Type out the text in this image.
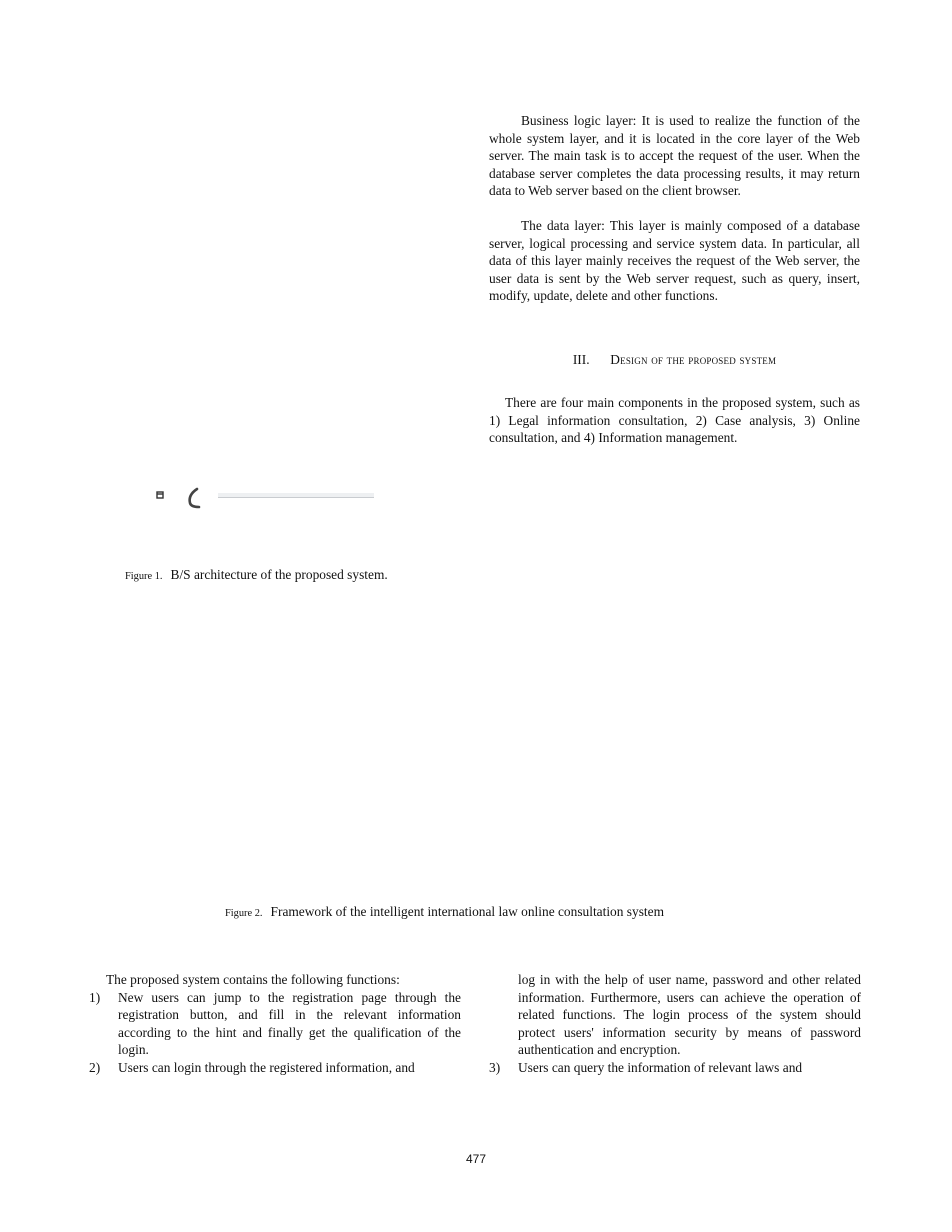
Business logic layer: It is used to realize the function of the whole system layer, and it is located in the core layer of the Web server. The main task is to accept the request of the user. When the database server completes the data processing results, it may return data to Web server based on the client browser.

The data layer: This layer is mainly composed of a database server, logical processing and service system data. In particular, all data of this layer mainly receives the request of the Web server, the user data is sent by the Web server request, such as query, insert, modify, update, delete and other functions.

III. Design of the proposed system

There are four main components in the proposed system, such as 1) Legal information consultation, 2) Case analysis, 3) Online consultation, and 4) Information management.

Figure 1. B/S architecture of the proposed system.
Figure 2. Framework of the intelligent international law online consultation system
The proposed system contains the following functions:
1) New users can jump to the registration page through the registration button, and fill in the relevant information according to the hint and finally get the qualification of the login.
2) Users can login through the registered information, and
log in with the help of user name, password and other related information. Furthermore, users can achieve the operation of related functions. The login process of the system should protect users' information security by means of password authentication and encryption.
3) Users can query the information of relevant laws and
477
